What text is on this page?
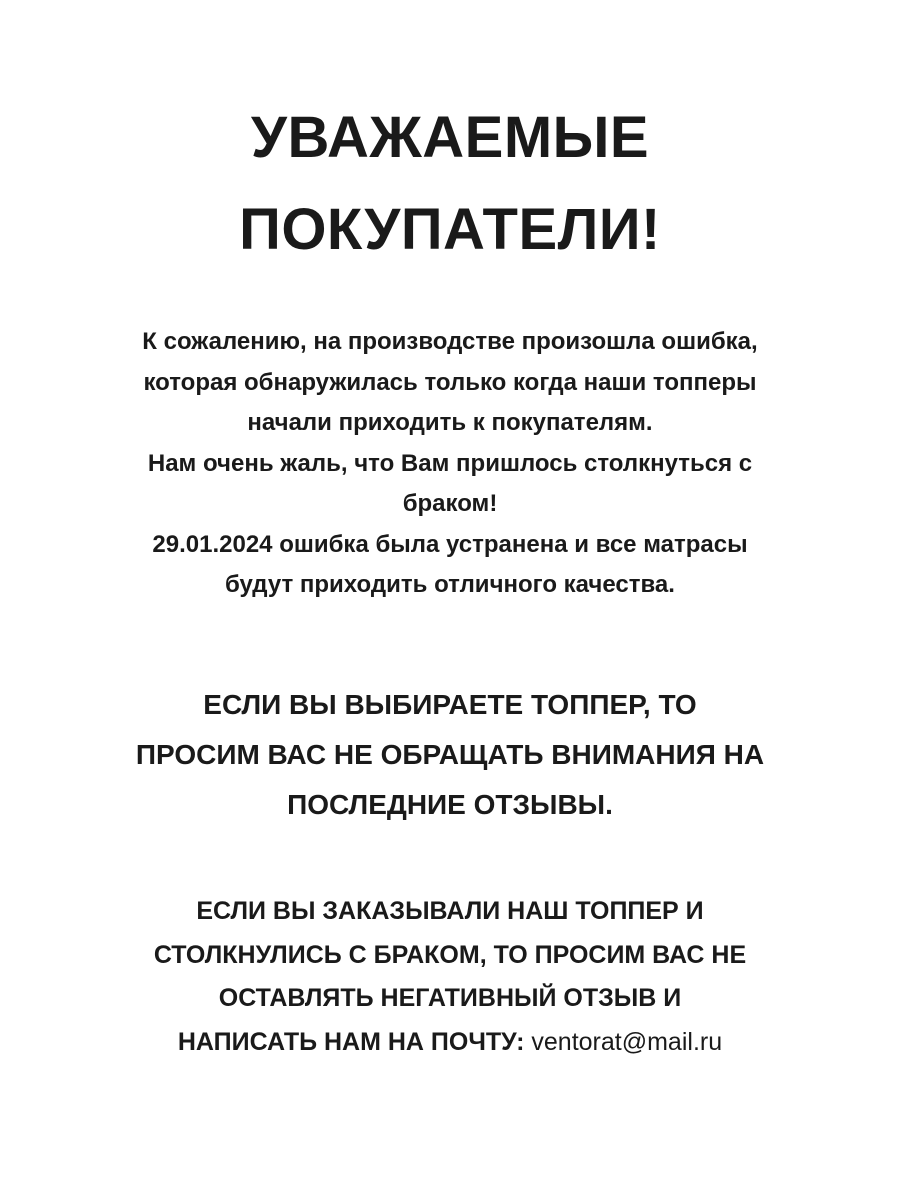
УВАЖАЕМЫЕ
ПОКУПАТЕЛИ!
К сожалению, на производстве произошла ошибка,
которая обнаружилась только когда наши топперы
начали приходить к покупателям.
Нам очень жаль, что Вам пришлось столкнуться с
браком!
29.01.2024 ошибка была устранена и все матрасы
будут приходить отличного качества.
ЕСЛИ ВЫ ВЫБИРАЕТЕ ТОППЕР, ТО
ПРОСИМ ВАС НЕ ОБРАЩАТЬ ВНИМАНИЯ НА
ПОСЛЕДНИЕ ОТЗЫВЫ.
ЕСЛИ ВЫ ЗАКАЗЫВАЛИ НАШ ТОППЕР И
СТОЛКНУЛИСЬ С БРАКОМ, ТО ПРОСИМ ВАС НЕ
ОСТАВЛЯТЬ НЕГАТИВНЫЙ ОТЗЫВ И
НАПИСАТЬ НАМ НА ПОЧТУ: ventorat@mail.ru
